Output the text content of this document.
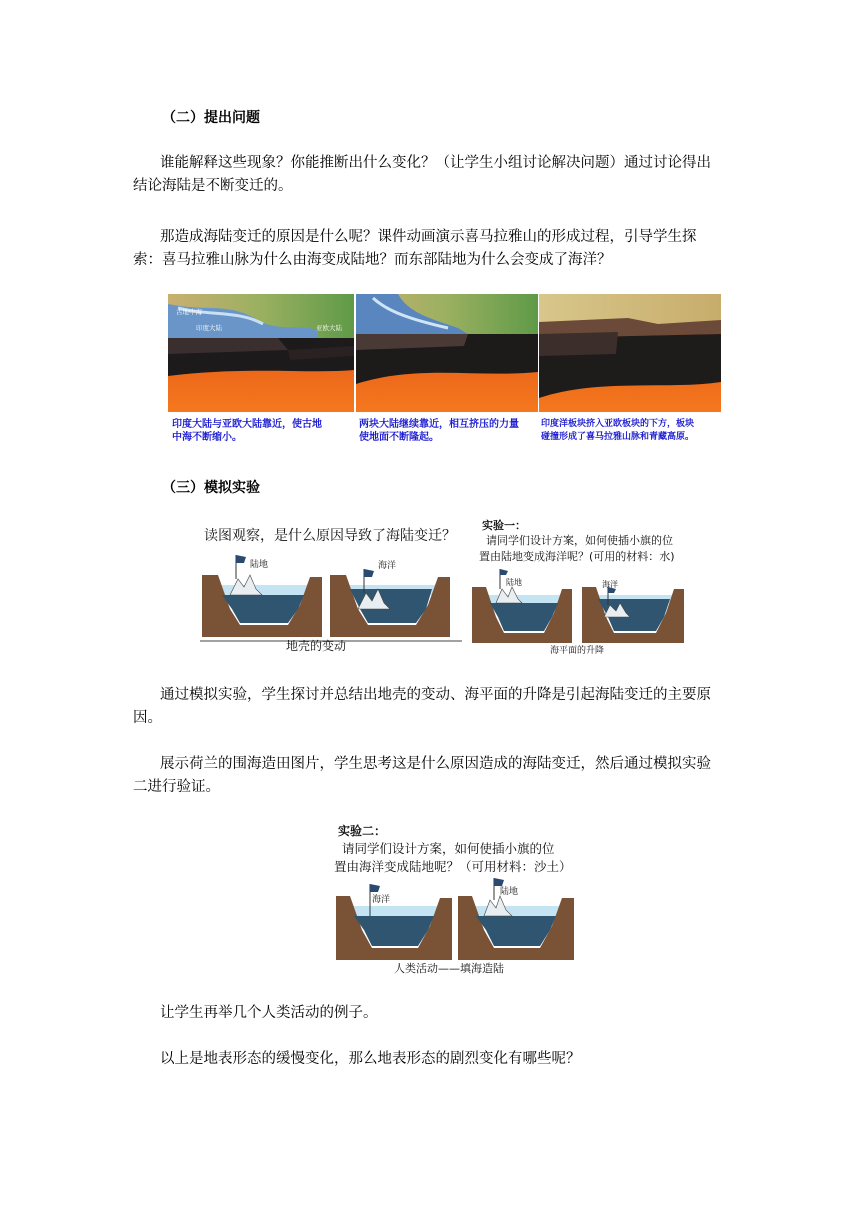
（二）提出问题
谁能解释这些现象？你能推断出什么变化？（让学生小组讨论解决问题）通过讨论得出
结论海陆是不断变迁的。
那造成海陆变迁的原因是什么呢？课件动画演示喜马拉雅山的形成过程，引导学生探
索：喜马拉雅山脉为什么由海变成陆地？而东部陆地为什么会变成了海洋？
古地中海
印度大陆	亚欧大陆
印度大陆与亚欧大陆靠近，使古地
中海不断缩小。
两块大陆继续靠近，相互挤压的力量
使地面不断隆起。
印度洋板块挤入亚欧板块的下方，板块
碰撞形成了喜马拉雅山脉和青藏高原。
（三）模拟实验
读图观察，是什么原因导致了海陆变迁？
陆地	海洋
地壳的变动
实验一：
请同学们设计方案，如何使插小旗的位
置由陆地变成海洋呢？(可用的材料：水)
陆地	海洋
海平面的升降
通过模拟实验，学生探讨并总结出地壳的变动、海平面的升降是引起海陆变迁的主要原
因。
展示荷兰的围海造田图片，学生思考这是什么原因造成的海陆变迁，然后通过模拟实验
二进行验证。
实验二：
请同学们设计方案，如何使插小旗的位
置由海洋变成陆地呢？（可用材料：沙土）
海洋
陆地
人类活动——填海造陆
让学生再举几个人类活动的例子。
以上是地表形态的缓慢变化，那么地表形态的剧烈变化有哪些呢？
